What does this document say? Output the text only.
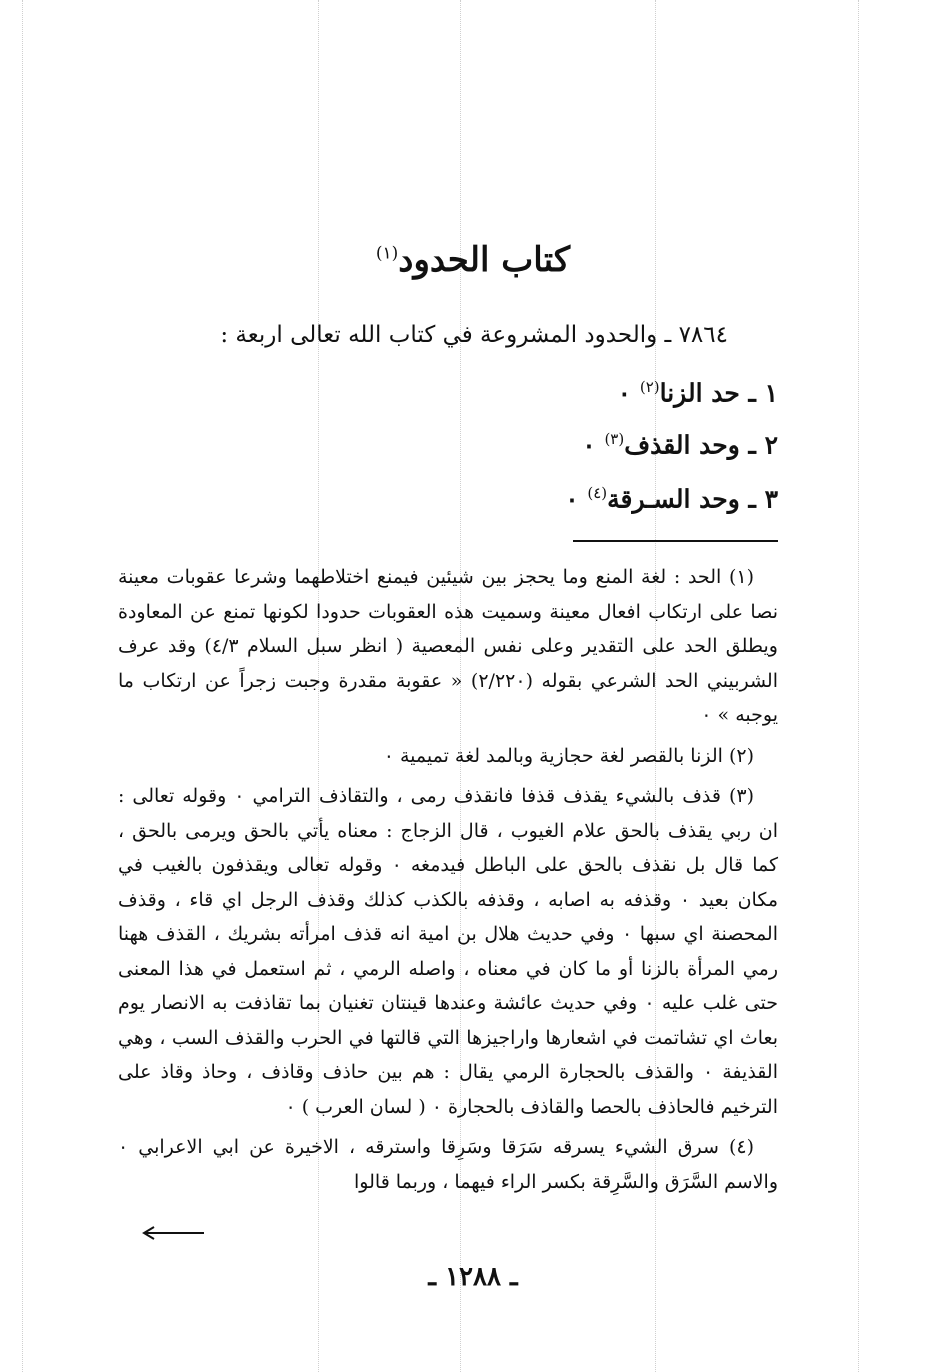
كتاب الحدود$^{(١)}$
٧٨٦٤ ـ والحدود المشروعة في كتاب الله تعالى اربعة :
١ ـ حد الزنا$^{(٢)}$ ٠
٢ ـ وحد القذف$^{(٣)}$ ٠
٣ ـ وحد السـرقة$^{(٤)}$ ٠

(١) الحد : لغة المنع وما يحجز بين شيئين فيمنع اختلاطهما وشرعا عقوبات معينة نصا على ارتكاب افعال معينة وسميت هذه العقوبات حدودا لكونها تمنع عن المعاودة ويطلق الحد على التقدير وعلى نفس المعصية ( انظر سبل السلام ٤/٣) وقد عرف الشربيني الحد الشرعي بقوله (٢/٢٢٠) « عقوبة مقدرة وجبت زجراً عن ارتكاب ما يوجبه » ٠

(٢) الزنا بالقصر لغة حجازية وبالمد لغة تميمية ٠

(٣) قذف بالشيء يقذف قذفا فانقذف رمى ، والتقاذف الترامي ٠ وقوله تعالى : ان ربي يقذف بالحق علام الغيوب ، قال الزجاج : معناه يأتي بالحق ويرمى بالحق ، كما قال بل نقذف بالحق على الباطل فيدمغه ٠ وقوله تعالى ويقذفون بالغيب في مكان بعيد ٠ وقذفه به اصابه ، وقذفه بالكذب كذلك وقذف الرجل اي قاء ، وقذف المحصنة اي سبها ٠ وفي حديث هلال بن امية انه قذف امرأته بشريك ، القذف ههنا رمي المرأة بالزنا أو ما كان في معناه ، واصله الرمي ، ثم استعمل في هذا المعنى حتى غلب عليه ٠ وفي حديث عائشة وعندها قينتان تغنيان بما تقاذفت به الانصار يوم بعاث اي تشاتمت في اشعارها واراجيزها التي قالتها في الحرب والقذف السب ، وهي القذيفة ٠ والقذف بالحجارة الرمي يقال : هم بين حاذف وقاذف ، وحاذ وقاذ على الترخيم فالحاذف بالحصا والقاذف بالحجارة ٠ ( لسان العرب ) ٠

(٤) سرق الشيء يسرقه سَرَقا وسَرِقا واسترقه ، الاخيرة عن ابي الاعرابي ٠ والاسم السَّرَق والسَّرِقة بكسر الراء فيهما ، وربما قالوا

ـ ١٢٨٨ ـ
